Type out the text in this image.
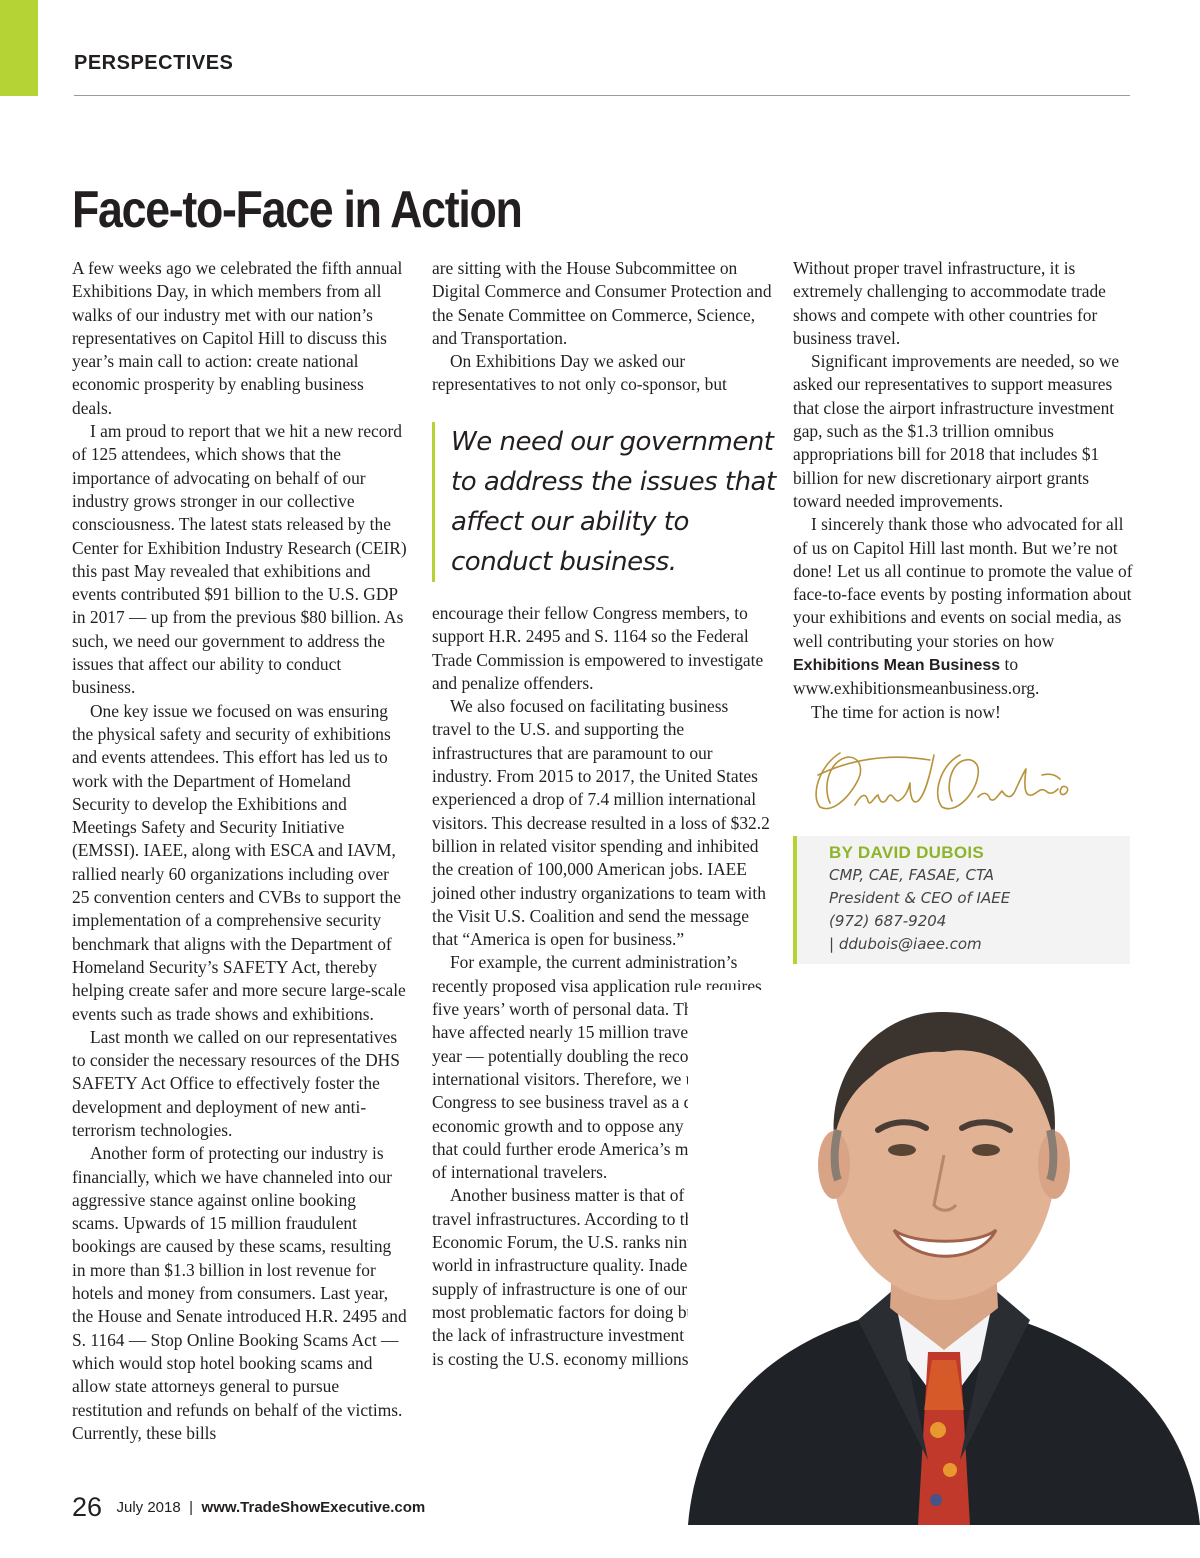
PERSPECTIVES
Face-to-Face in Action

A few weeks ago we celebrated the fifth annual Exhibitions Day, in which members from all walks of our industry met with our nation’s representatives on Capitol Hill to discuss this year’s main call to action: create national economic prosperity by enabling business deals.

I am proud to report that we hit a new record of 125 attendees, which shows that the importance of advocating on behalf of our industry grows stronger in our collective consciousness. The latest stats released by the Center for Exhibition Industry Research (CEIR) this past May revealed that exhibitions and events contributed $91 billion to the U.S. GDP in 2017 — up from the previous $80 billion. As such, we need our government to address the issues that affect our ability to conduct business.

One key issue we focused on was ensuring the physical safety and security of exhibitions and events attendees. This effort has led us to work with the Department of Homeland Security to develop the Exhibitions and Meetings Safety and Security Initiative (EMSSI). IAEE, along with ESCA and IAVM, rallied nearly 60 organizations including over 25 convention centers and CVBs to support the implementation of a comprehensive security benchmark that aligns with the Department of Homeland Security’s SAFETY Act, thereby helping create safer and more secure large-scale events such as trade shows and exhibitions.

Last month we called on our representatives to consider the necessary resources of the DHS SAFETY Act Office to effectively foster the development and deployment of new anti-terrorism technologies.

Another form of protecting our industry is financially, which we have channeled into our aggressive stance against online booking scams. Upwards of 15 million fraudulent bookings are caused by these scams, resulting in more than $1.3 billion in lost revenue for hotels and money from consumers. Last year, the House and Senate introduced H.R. 2495 and S. 1164 — Stop Online Booking Scams Act — which would stop hotel booking scams and allow state attorneys general to pursue restitution and refunds on behalf of the victims. Currently, these bills

are sitting with the House Subcommittee on Digital Commerce and Consumer Protection and the Senate Committee on Commerce, Science, and Transportation.

On Exhibitions Day we asked our representatives to not only co-sponsor, but

We need our government to address the issues that affect our ability to conduct business.

encourage their fellow Congress members, to support H.R. 2495 and S. 1164 so the Federal Trade Commission is empowered to investigate and penalize offenders.

We also focused on facilitating business travel to the U.S. and supporting the infrastructures that are paramount to our industry. From 2015 to 2017, the United States experienced a drop of 7.4 million international visitors. This decrease resulted in a loss of $32.2 billion in related visitor spending and inhibited the creation of 100,000 American jobs. IAEE joined other industry organizations to team with the Visit U.S. Coalition and send the message that “America is open for business.”

For example, the current administration’s recently proposed visa application rule requires five years’ worth of personal data. This would have affected nearly 15 million travelers last year — potentially doubling the record drop of international visitors. Therefore, we urged Congress to see business travel as a driver of economic growth and to oppose any measures that could further erode America’s market share of international travelers.

Another business matter is that of our nation’s travel infrastructures. According to the World Economic Forum, the U.S. ranks ninth in the world in infrastructure quality. Inadequate supply of infrastructure is one of our Top 10 most problematic factors for doing business, and the lack of infrastructure investment in airports is costing the U.S. economy millions in revenue.

Without proper travel infrastructure, it is extremely challenging to accommodate trade shows and compete with other countries for business travel.

Significant improvements are needed, so we asked our representatives to support measures that close the airport infrastructure investment gap, such as the $1.3 trillion omnibus appropriations bill for 2018 that includes $1 billion for new discretionary airport grants toward needed improvements.

I sincerely thank those who advocated for all of us on Capitol Hill last month. But we’re not done! Let us all continue to promote the value of face-to-face events by posting information about your exhibitions and events on social media, as well contributing your stories on how Exhibitions Mean Business to www.exhibitionsmeanbusiness.org.

The time for action is now!

BY DAVID DUBOIS
CMP, CAE, FASAE, CTA
President & CEO of IAEE
(972) 687-9204
| ddubois@iaee.com
26 July 2018 | www.TradeShowExecutive.com
